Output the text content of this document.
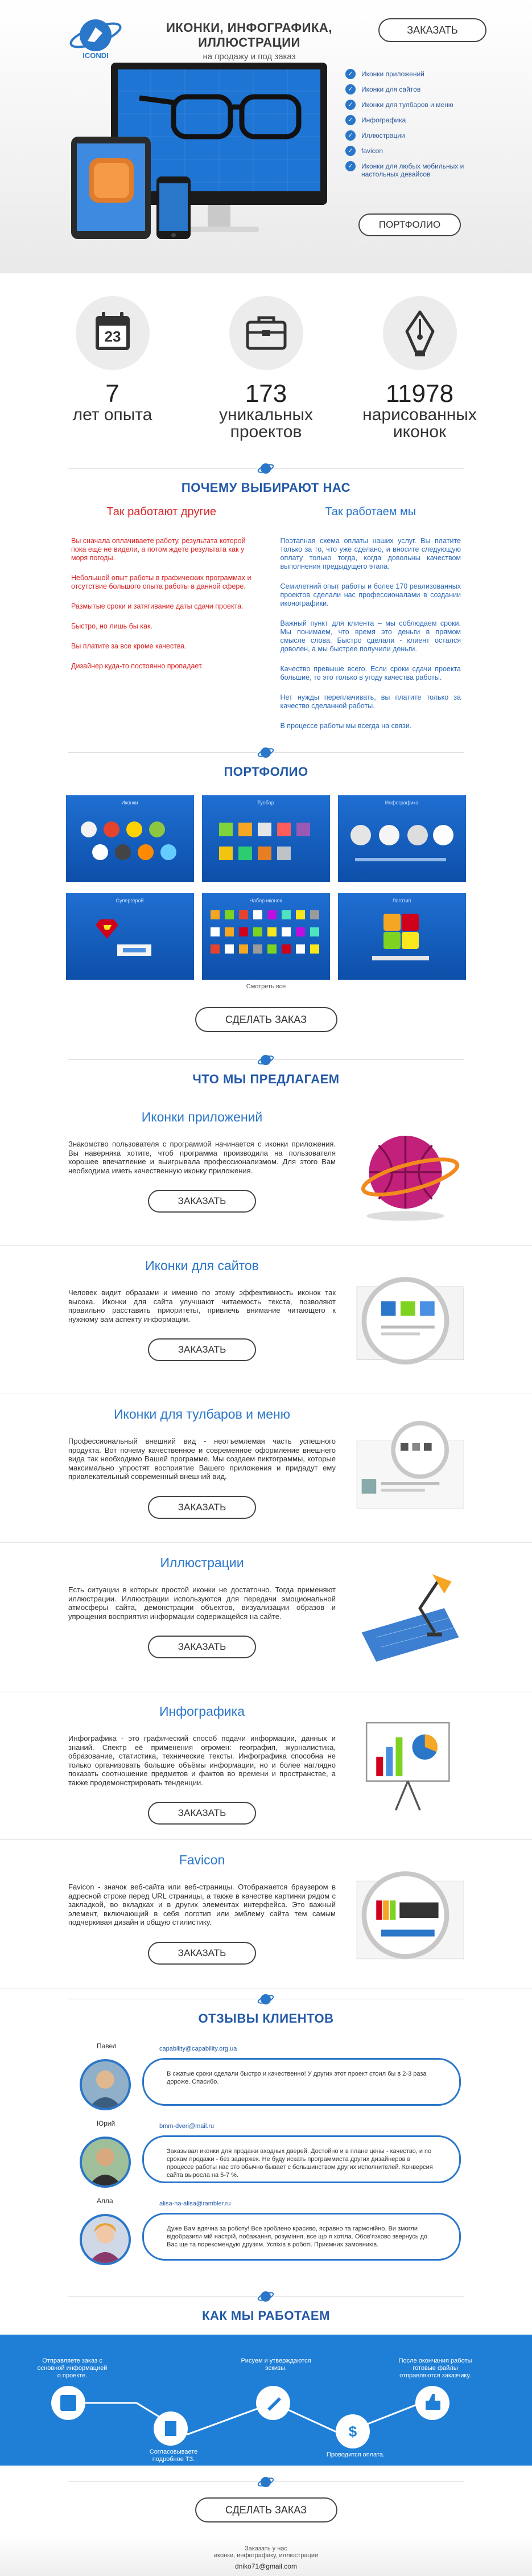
ICONDI
ИКОНКИ, ИНФОГРАФИКА, ИЛЛЮСТРАЦИИ
на продажу и под заказ
ЗАКАЗАТЬ
✓	Иконки приложений
✓	Иконки для сайтов
✓	Иконки для тулбаров и меню
✓	Инфографика
✓	Иллюстрации
✓	favicon
✓	Иконки для любых мобильных и настольных девайсов
ПОРТФОЛИО
23
7
лет опыта
173
уникальных проектов
11978
нарисованных иконок
ПОЧЕМУ ВЫБИРАЮТ НАС
Так работают другие

Вы сначала оплачиваете работу, результата которой пока еще не видели, а потом ждете результата как у моря погоды.

Небольшой опыт работы в графических программах и отсутствие большого опыта работы в данной сфере.

Размытые сроки и затягивание даты сдачи проекта.

Быстро, но лишь бы как.

Вы платите за все кроме качества.

Дизайнер куда-то постоянно пропадает.

Так работаем мы

Поэтапная схема оплаты наших услуг. Вы платите только за то, что уже сделано, и вносите следующую оплату только тогда, когда довольны качеством выполнения предыдущего этапа.

Семилетний опыт работы и более 170 реализованных проектов сделали нас профессионалами в создании иконографики.

Важный пункт для клиента – мы соблюдаем сроки. Мы понимаем, что время это деньги в прямом смысле слова. Быстро сделали - клиент остался доволен, а мы быстрее получили деньги.

Качество превыше всего. Если сроки сдачи проекта большие, то это только в угоду качества работы.

Нет нужды переплачивать, вы платите только за качество сделанной работы.

В процессе работы мы всегда на связи.

ПОРТФОЛИО
Иконки	Тулбар	Инфографика
Супергерой	Набор иконок	Логотип
Смотреть все
СДЕЛАТЬ ЗАКАЗ
ЧТО МЫ ПРЕДЛАГАЕМ
Иконки приложений

Знакомство пользователя с программой начинается с иконки приложения. Вы наверняка хотите, чтоб программа производила на пользователя хорошее впечатление и выигрывала профессионализмом. Для этого Вам необходима иметь качественную иконку приложения.

ЗАКАЗАТЬ
Иконки для сайтов

Человек видит образами и именно по этому эффективность иконок так высока. Иконки для сайта улучшают читаемость текста, позволяют правильно расставить приоритеты, привлечь внимание читающего к нужному вам аспекту информации.

ЗАКАЗАТЬ
Иконки для тулбаров и меню

Профессиональный внешний вид - неотъемлемая часть успешного продукта. Вот почему качественное и современное оформление внешнего вида так необходимо Вашей программе. Мы создаем пиктограммы, которые максимально упростят восприятие Вашего приложения и придадут ему привлекательный современный внешний вид.

ЗАКАЗАТЬ
Иллюстрации

Есть ситуации в которых простой иконки не достаточно. Тогда применяют иллюстрации. Иллюстрации используются для передачи эмоциональной атмосферы сайта, демонстрации объектов, визуализации образов и упрощения восприятия информации содержащейся на сайте.

ЗАКАЗАТЬ
Инфографика

Инфографика - это графический способ подачи информации, данных и знаний. Спектр её применения огромен: география, журналистика, образование, статистика, технические тексты. Инфографика способна не только организовать большие объёмы информации, но и более наглядно показать соотношение предметов и фактов во времени и пространстве, а также продемонстрировать тенденции.

ЗАКАЗАТЬ
Favicon

Favicon - значок веб-сайта или веб-страницы. Отображается браузером в адресной строке перед URL страницы, а также в качестве картинки рядом с закладкой, во вкладках и в других элементах интерфейса. Это важный элемент, включающий в себя логотип или эмблему сайта тем самым подчеркивая дизайн и общую стилистику.

ЗАКАЗАТЬ
ОТЗЫВЫ КЛИЕНТОВ
Павел	capability@capability.org.ua
В сжатые сроки сделали быстро и качественно! У других этот проект стоил бы в 2-3 раза дороже. Спасибо.
Юрий	bmm-dveri@mail.ru
Заказывал иконки для продажи входных дверей. Достойно и в плане цены - качество, и по срокам продажи - без задержек. Не буду искать программиста других дизайнеров в процессе работы нас это обычно бывает с большинством других исполнителей. Конверсия сайта выросла на 5-7 %.
Алла	alisa-na-alisa@rambler.ru
Дуже Вам вдячна за роботу! Все зроблено красиво, ясравно та гармонійно. Ви змогли відобразити мій настрій, побажання, розуміння, все що я хотіла. Обов'язково звернусь до Вас ще та порекомендую друзям. Успіхів в роботі. Приємних замовників.
КАК МЫ РАБОТАЕМ
$
Отправляете заказ с основной информацией о проекте.
Согласовываете подробное ТЗ.
Рисуем и утверждаются эскизы.
Проводится оплата.
После окончания работы готовые файлы отправляются заказчику.
СДЕЛАТЬ ЗАКАЗ
Заказать у нас
иконки, инфографику, иллюстрации
dniko71@gmail.com
